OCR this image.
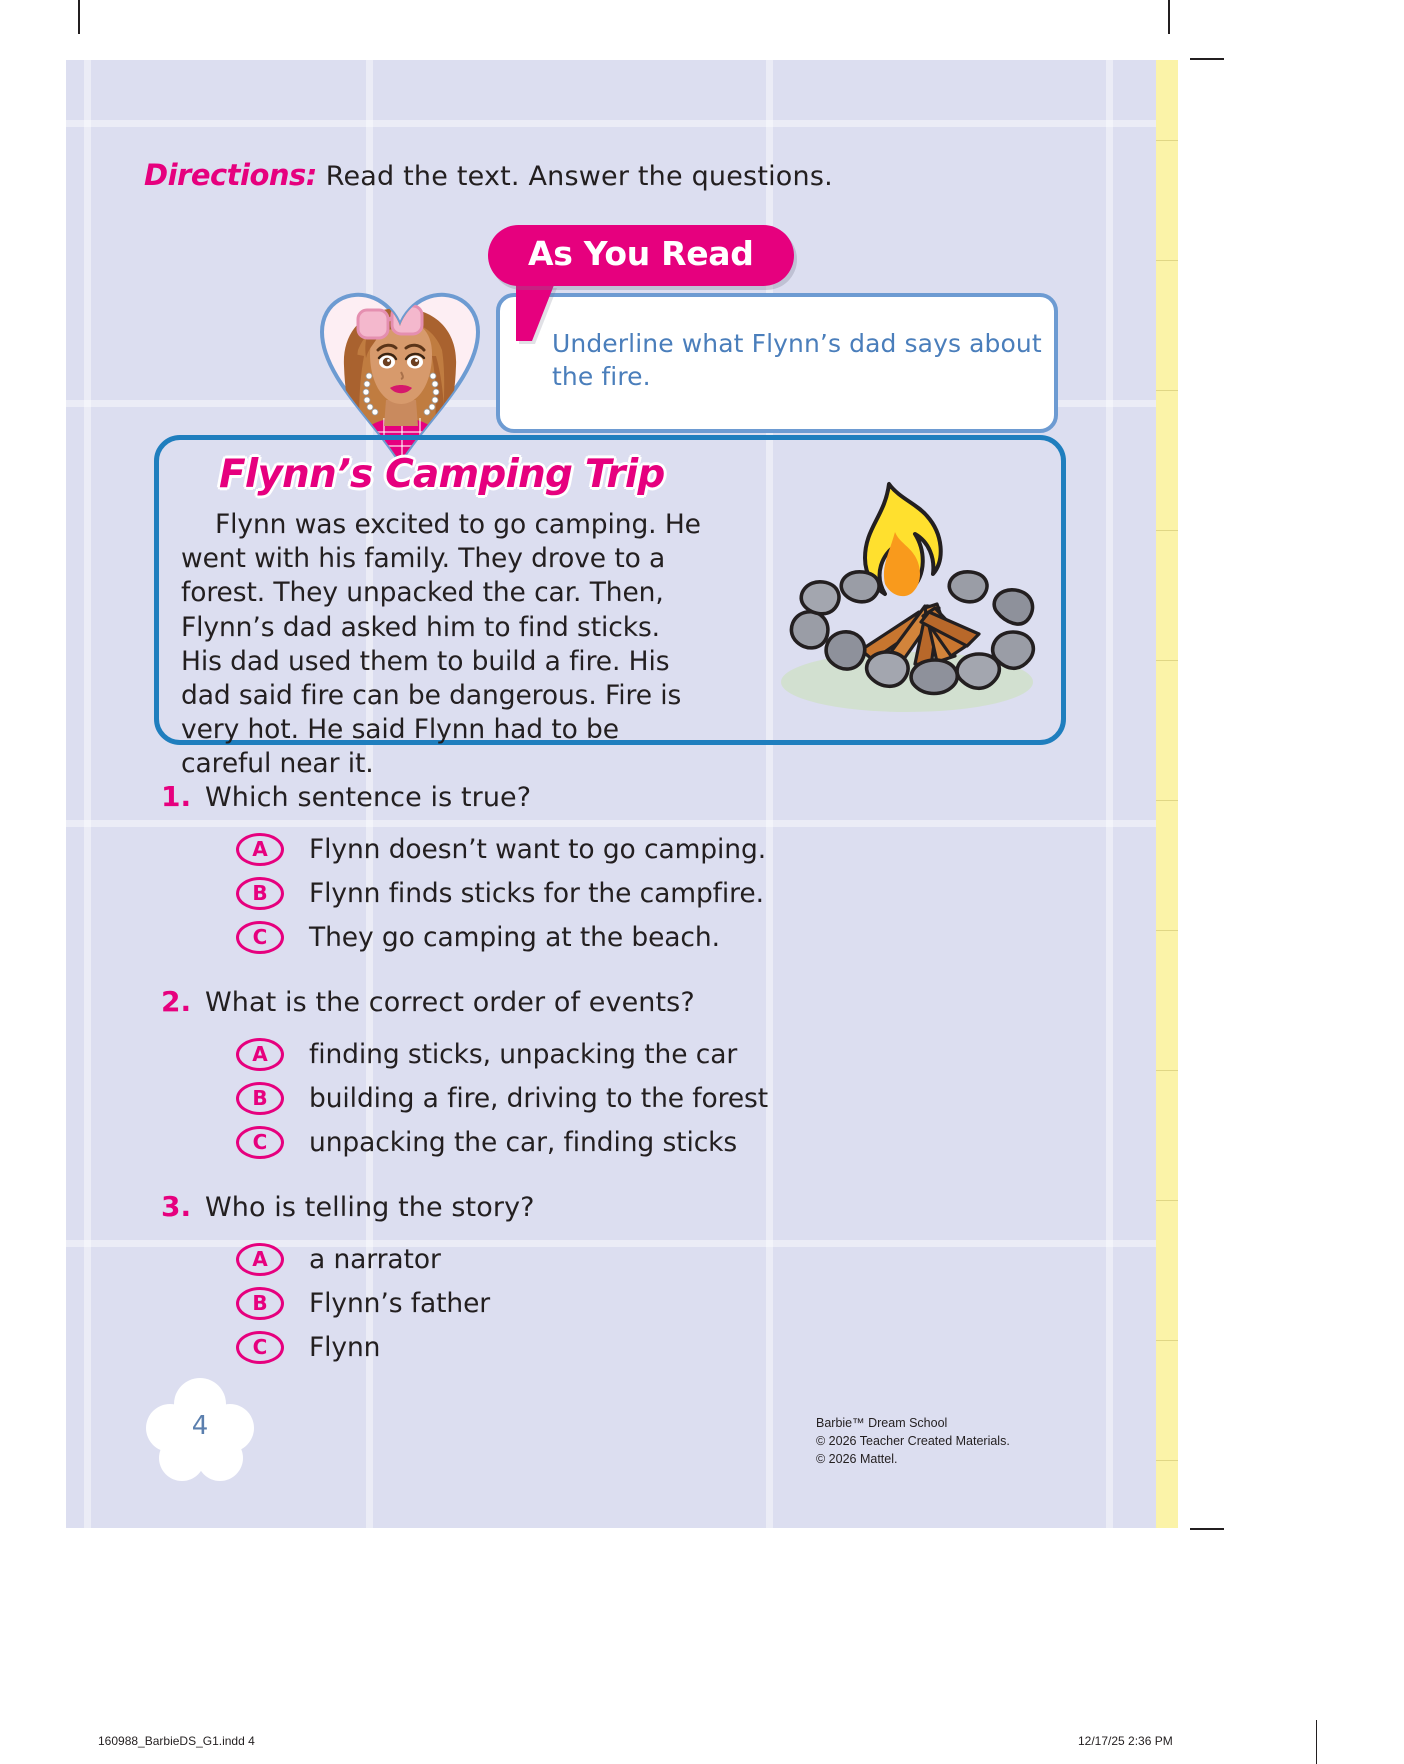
Directions: Read the text. Answer the questions.
As You Read

Underline what Flynn’s dad says about the fire.

Flynn’s Camping Trip
Flynn was excited to go camping. He went with his family. They drove to a forest. They unpacked the car. Then, Flynn’s dad asked him to find sticks. His dad used them to build a fire. His dad said fire can be dangerous. Fire is very hot. He said Flynn had to be careful near it.
1. Which sentence is true?
A	Flynn doesn’t want to go camping.
B	Flynn finds sticks for the campfire.
C	They go camping at the beach.
2. What is the correct order of events?
A	finding sticks, unpacking the car
B	building a fire, driving to the forest
C	unpacking the car, finding sticks
3. Who is telling the story?
A	a narrator
B	Flynn’s father
C	Flynn
4	Barbie™ Dream School
© 2026 Teacher Created Materials.
© 2026 Mattel.
160988_BarbieDS_G1.indd 4	12/17/25 2:36 PM
